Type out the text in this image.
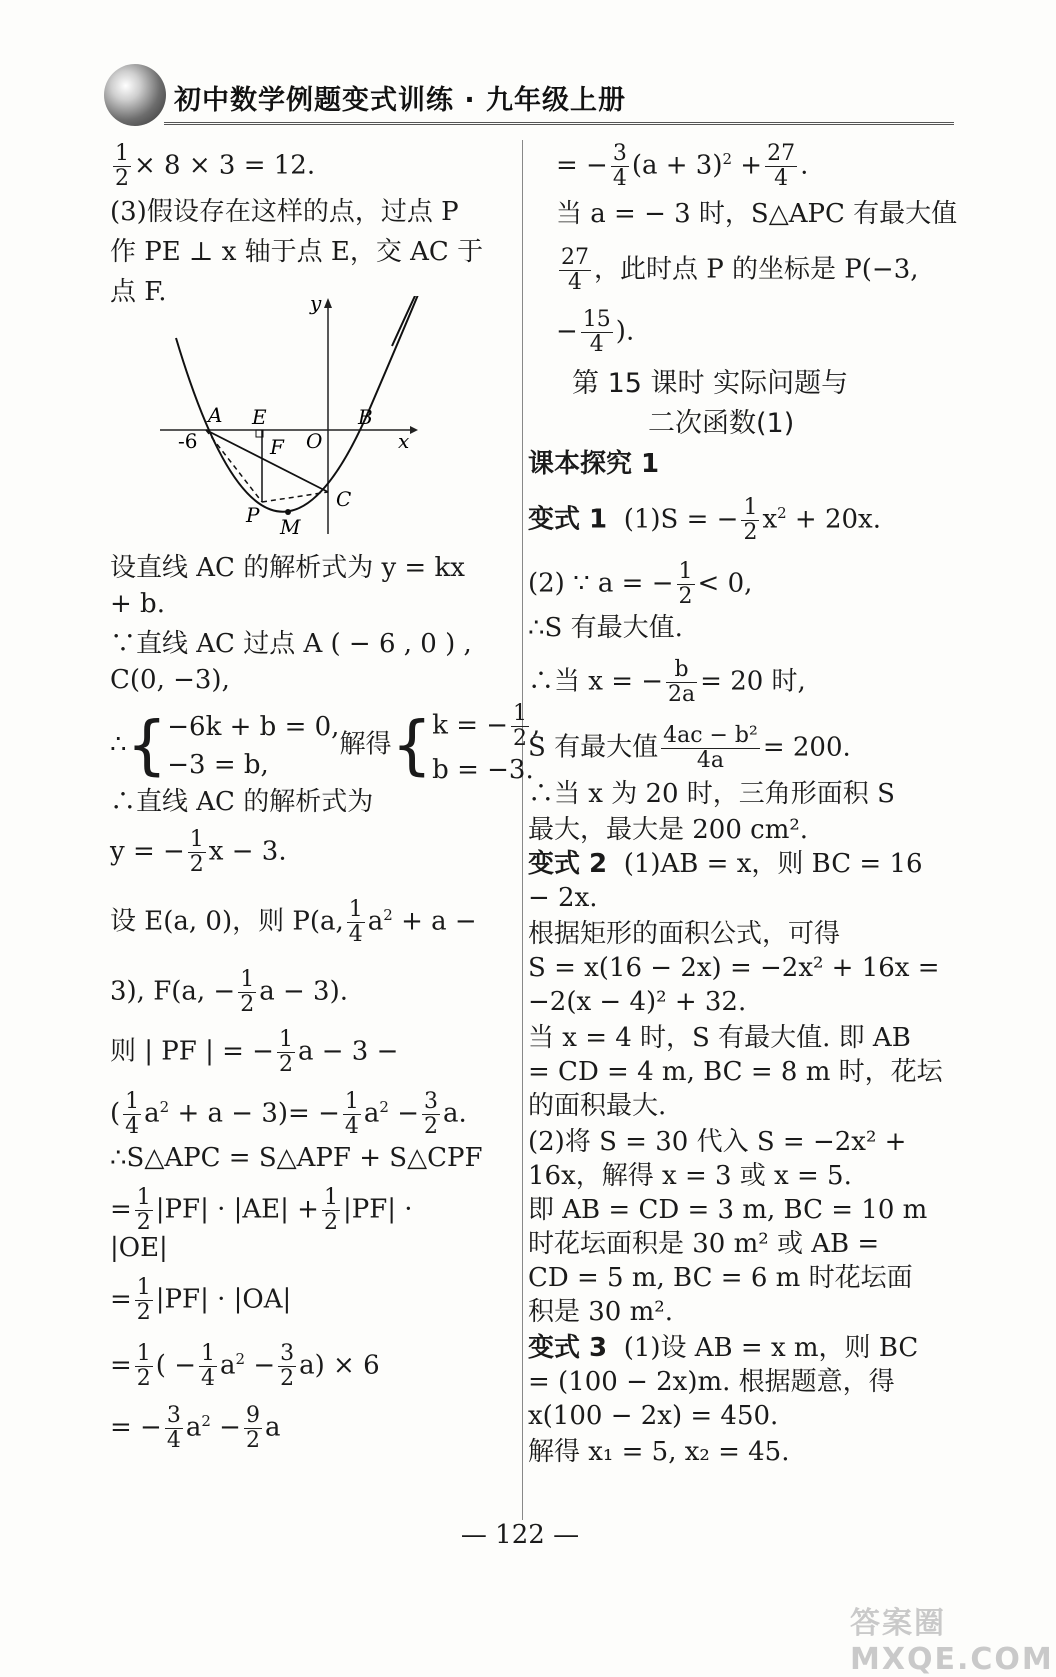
初中数学例题变式训练 · 九年级上册
$\frac{1}{2} \times 8 \times 3 = 12$.
(3)假设存在这样的点，过点 P
作 PE ⊥ x 轴于点 E，交 AC 于
点 F.
设直线 AC 的解析式为 y = kx
+ b.
∵直线 AC 过点 A ( − 6 , 0 ) ,
C(0, −3),
∴{ −6k + b = 0,
−3 = b,
解得{ k = − $\frac{1}{2}$ ,
b = −3.
∴直线 AC 的解析式为
y = − $\frac{1}{2}$ x − 3.
设 E(a, 0)，则 P(a, $\frac{1}{4} a^2 + a$ −
3), F(a, − $\frac{1}{2}$ a − 3).
则 | PF | = − $\frac{1}{2}$ a − 3 −
( $\frac{1}{4} a^2 + a - 3)= - \frac{1}{4} a^2 - \frac{3}{2} a$.
∴S△APC = S△APF + S△CPF
= $\frac{1}{2} |PF| \cdot |AE| + \frac{1}{2} |PF|$ ·
|OE|
= $\frac{1}{2} |PF| \cdot |OA|$
= $\frac{1}{2}$ ( − $\frac{1}{4} a^2 - \frac{3}{2} a) \times 6$
= − $\frac{3}{4} a^2 - \frac{9}{2}$ a
y
x
A E	B
-6	F O
C
P M
= − $\frac{3}{4} (a + 3)^2 + \frac{27}{4}$ .
当 a = − 3 时，S△APC 有最大值
$\frac{27}{4}$ ，此时点 P 的坐标是 P(−3,
− $\frac{15}{4}$ ).
第 15 课时 实际问题与
二次函数(1)
课本探究 1
变式 1 (1)S = − $\frac{1}{2} x^2 + 20x$.
(2) ∵ a = − $\frac{1}{2} < 0$,
∴S 有最大值.
∴当 x = − $\frac{b}{2a} = 20$ 时,
S 有最大值 $\frac{\text{4ac − b²}}{4a} = 200$.
∴当 x 为 20 时，三角形面积 S
最大，最大是 200 cm².
变式 2 (1)AB = x，则 BC = 16
− 2x.
根据矩形的面积公式，可得
S = x(16 − 2x) = −2x² + 16x =
−2(x − 4)² + 32.
当 x = 4 时，S 有最大值. 即 AB
= CD = 4 m, BC = 8 m 时，花坛
的面积最大.
(2)将 S = 30 代入 S = −2x² +
16x，解得 x = 3 或 x = 5.
即 AB = CD = 3 m, BC = 10 m
时花坛面积是 30 m² 或 AB =
CD = 5 m, BC = 6 m 时花坛面
积是 30 m².
变式 3 (1)设 AB = x m，则 BC
= (100 − 2x)m. 根据题意，得
x(100 − 2x) = 450.
解得 x₁ = 5, x₂ = 45.
— 122 —
答案圈 MXQE.COM
